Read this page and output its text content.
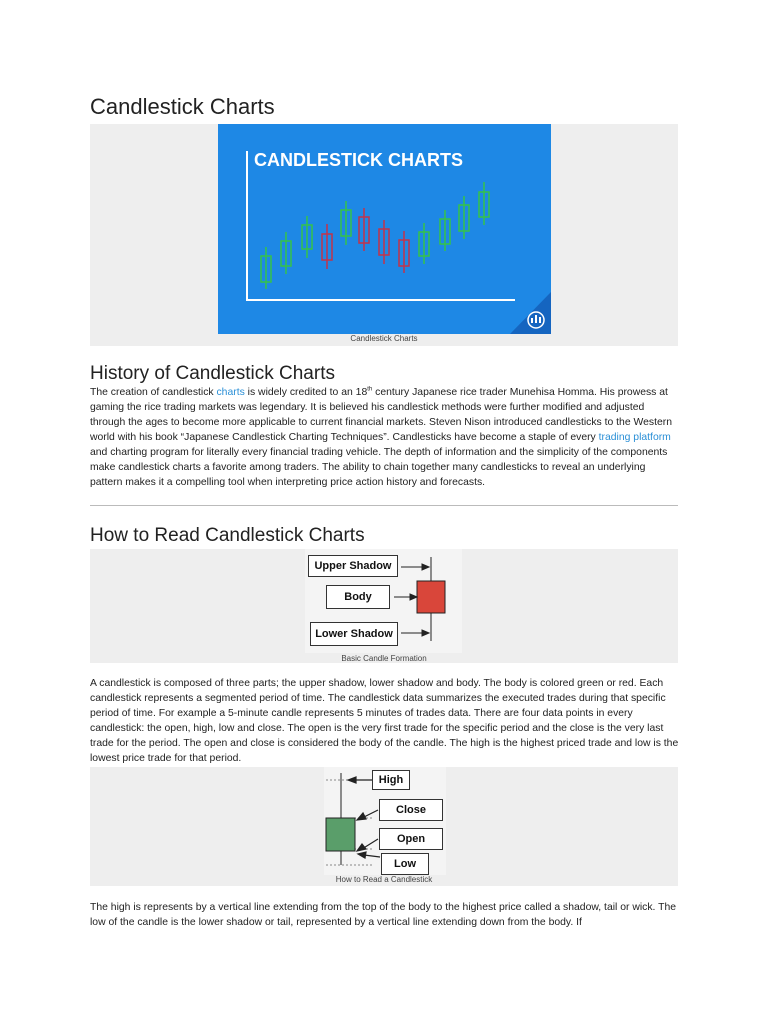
Candlestick Charts
CANDLESTICK CHARTS
Candlestick Charts
History of Candlestick Charts

The creation of candlestick charts is widely credited to an 18th century Japanese rice trader Munehisa Homma. His prowess at gaming the rice trading markets was legendary. It is believed his candlestick methods were further modified and adjusted through the ages to become more applicable to current financial markets. Steven Nison introduced candlesticks to the Western world with his book “Japanese Candlestick Charting Techniques”. Candlesticks have become a staple of every trading platform and charting program for literally every financial trading vehicle. The depth of information and the simplicity of the components make candlestick charts a favorite among traders. The ability to chain together many candlesticks to reveal an underlying pattern makes it a compelling tool when interpreting price action history and forecasts.

How to Read Candlestick Charts
Upper Shadow
Body
Lower Shadow
Basic Candle Formation

A candlestick is composed of three parts; the upper shadow, lower shadow and body. The body is colored green or red. Each candlestick represents a segmented period of time. The candlestick data summarizes the executed trades during that specific period of time. For example a 5-minute candle represents 5 minutes of trades data. There are four data points in every candlestick: the open, high, low and close. The open is the very first trade for the specific period and the close is the very last trade for the period. The open and close is considered the body of the candle. The high is the highest priced trade and low is the lowest price trade for that period.

High
Close
Open
Low
How to Read a Candlestick

The high is represents by a vertical line extending from the top of the body to the highest price called a shadow, tail or wick. The low of the candle is the lower shadow or tail, represented by a vertical line extending down from the body. If
